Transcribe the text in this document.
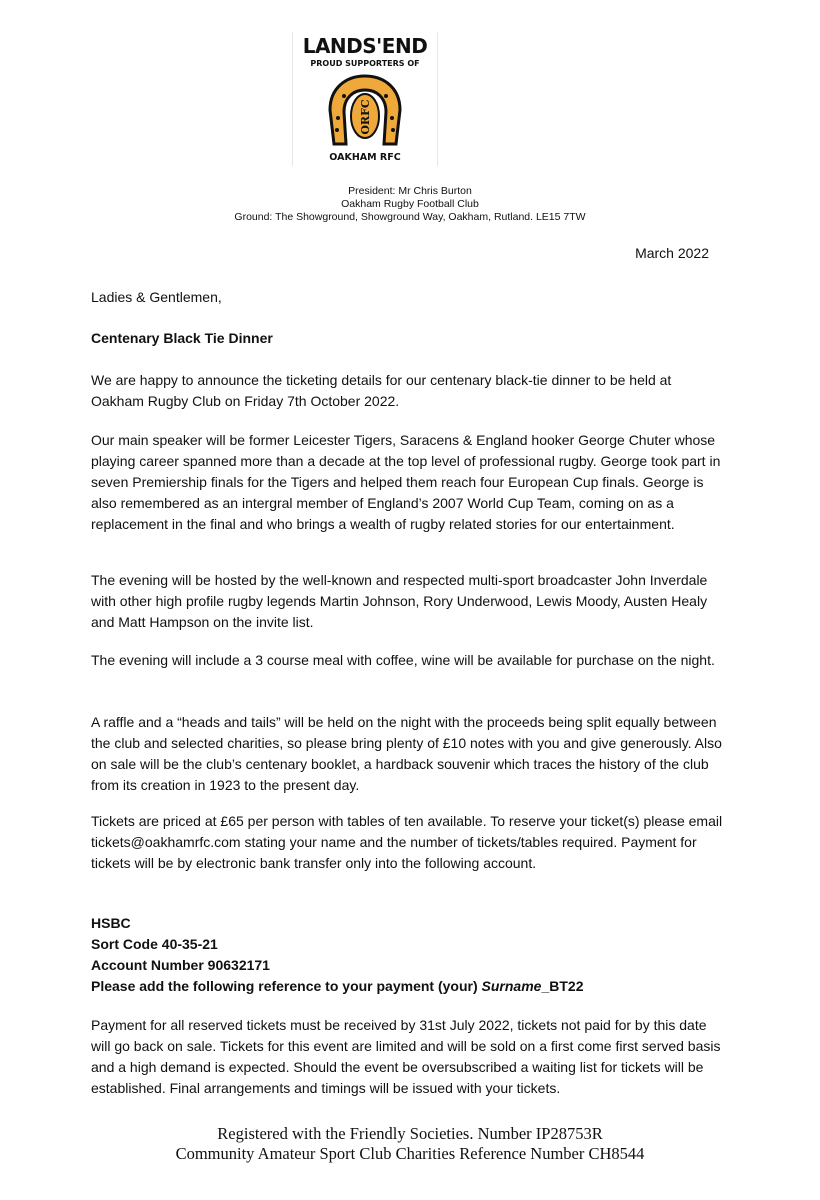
LANDS'END
PROUD SUPPORTERS OF
ORFC
OAKHAM RFC
President: Mr Chris Burton
Oakham Rugby Football Club
Ground: The Showground, Showground Way, Oakham, Rutland. LE15 7TW
March 2022
Ladies & Gentlemen,
Centenary Black Tie Dinner

We are happy to announce the ticketing details for our centenary black-tie dinner to be held at Oakham Rugby Club on Friday 7th October 2022.

Our main speaker will be former Leicester Tigers, Saracens & England hooker George Chuter whose playing career spanned more than a decade at the top level of professional rugby. George took part in seven Premiership finals for the Tigers and helped them reach four European Cup finals. George is also remembered as an intergral member of England’s 2007 World Cup Team, coming on as a replacement in the final and who brings a wealth of rugby related stories for our entertainment.

The evening will be hosted by the well-known and respected multi-sport broadcaster John Inverdale with other high profile rugby legends Martin Johnson, Rory Underwood, Lewis Moody, Austen Healy and Matt Hampson on the invite list.

The evening will include a 3 course meal with coffee, wine will be available for purchase on the night.

A raffle and a “heads and tails” will be held on the night with the proceeds being split equally between the club and selected charities, so please bring plenty of £10 notes with you and give generously. Also on sale will be the club’s centenary booklet, a hardback souvenir which traces the history of the club from its creation in 1923 to the present day.

Tickets are priced at £65 per person with tables of ten available. To reserve your ticket(s) please email tickets@oakhamrfc.com stating your name and the number of tickets/tables required. Payment for tickets will be by electronic bank transfer only into the following account.

HSBC

Sort Code 40-35-21

Account Number 90632171

Please add the following reference to your payment (your) Surname_BT22

Payment for all reserved tickets must be received by 31st July 2022, tickets not paid for by this date will go back on sale. Tickets for this event are limited and will be sold on a first come first served basis and a high demand is expected. Should the event be oversubscribed a waiting list for tickets will be established. Final arrangements and timings will be issued with your tickets.

Registered with the Friendly Societies. Number IP28753R
Community Amateur Sport Club Charities Reference Number CH8544
